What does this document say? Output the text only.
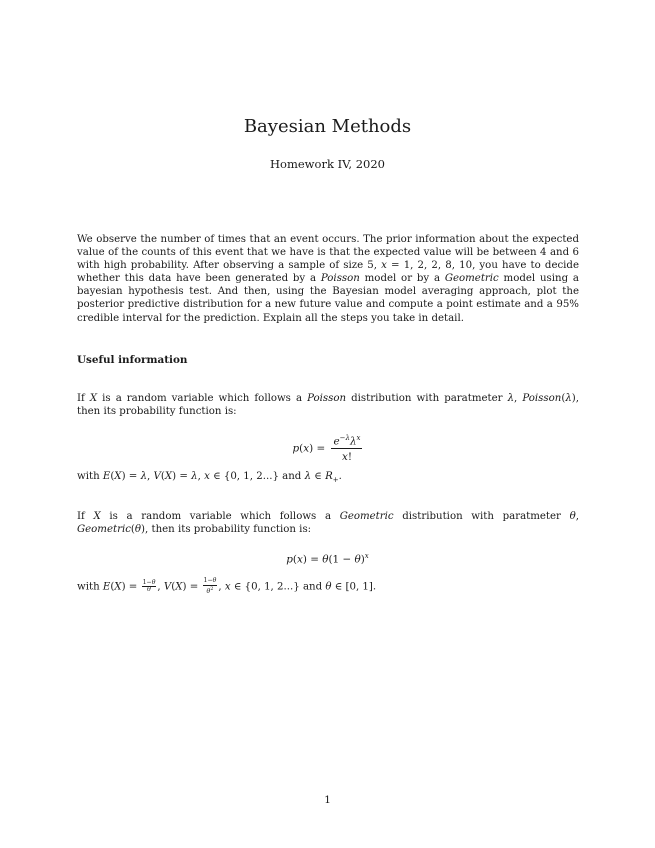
Bayesian Methods
Homework IV, 2020
We observe the number of times that an event occurs. The prior information about the expected value of the counts of this event that we have is that the expected value will be between 4 and 6 with high probability. After observing a sample of size 5, x = 1, 2, 2, 8, 10, you have to decide whether this data have been generated by a Poisson model or by a Geometric model using a bayesian hypothesis test. And then, using the Bayesian model averaging approach, plot the posterior predictive distribution for a new future value and compute a point estimate and a 95% credible interval for the prediction. Explain all the steps you take in detail.
Useful information
If X is a random variable which follows a Poisson distribution with paratmeter λ, Poisson(λ), then its probability function is:
$p(x) = \frac{e^{-\lambda}\lambda^x}{x!}$
with E(X) = λ, V(X) = λ, x ∈ {0, 1, 2...} and λ ∈ $R_+$.
If X is a random variable which follows a Geometric distribution with paratmeter θ, Geometric(θ), then its probability function is:
$p(x) = \theta(1 - \theta)^x$
with $E(X) = \frac{1-\theta}{\theta}$ , $V(X) = \frac{1-\theta}{\theta^2}$ , x ∈ {0, 1, 2...} and θ ∈ [0, 1].
1
